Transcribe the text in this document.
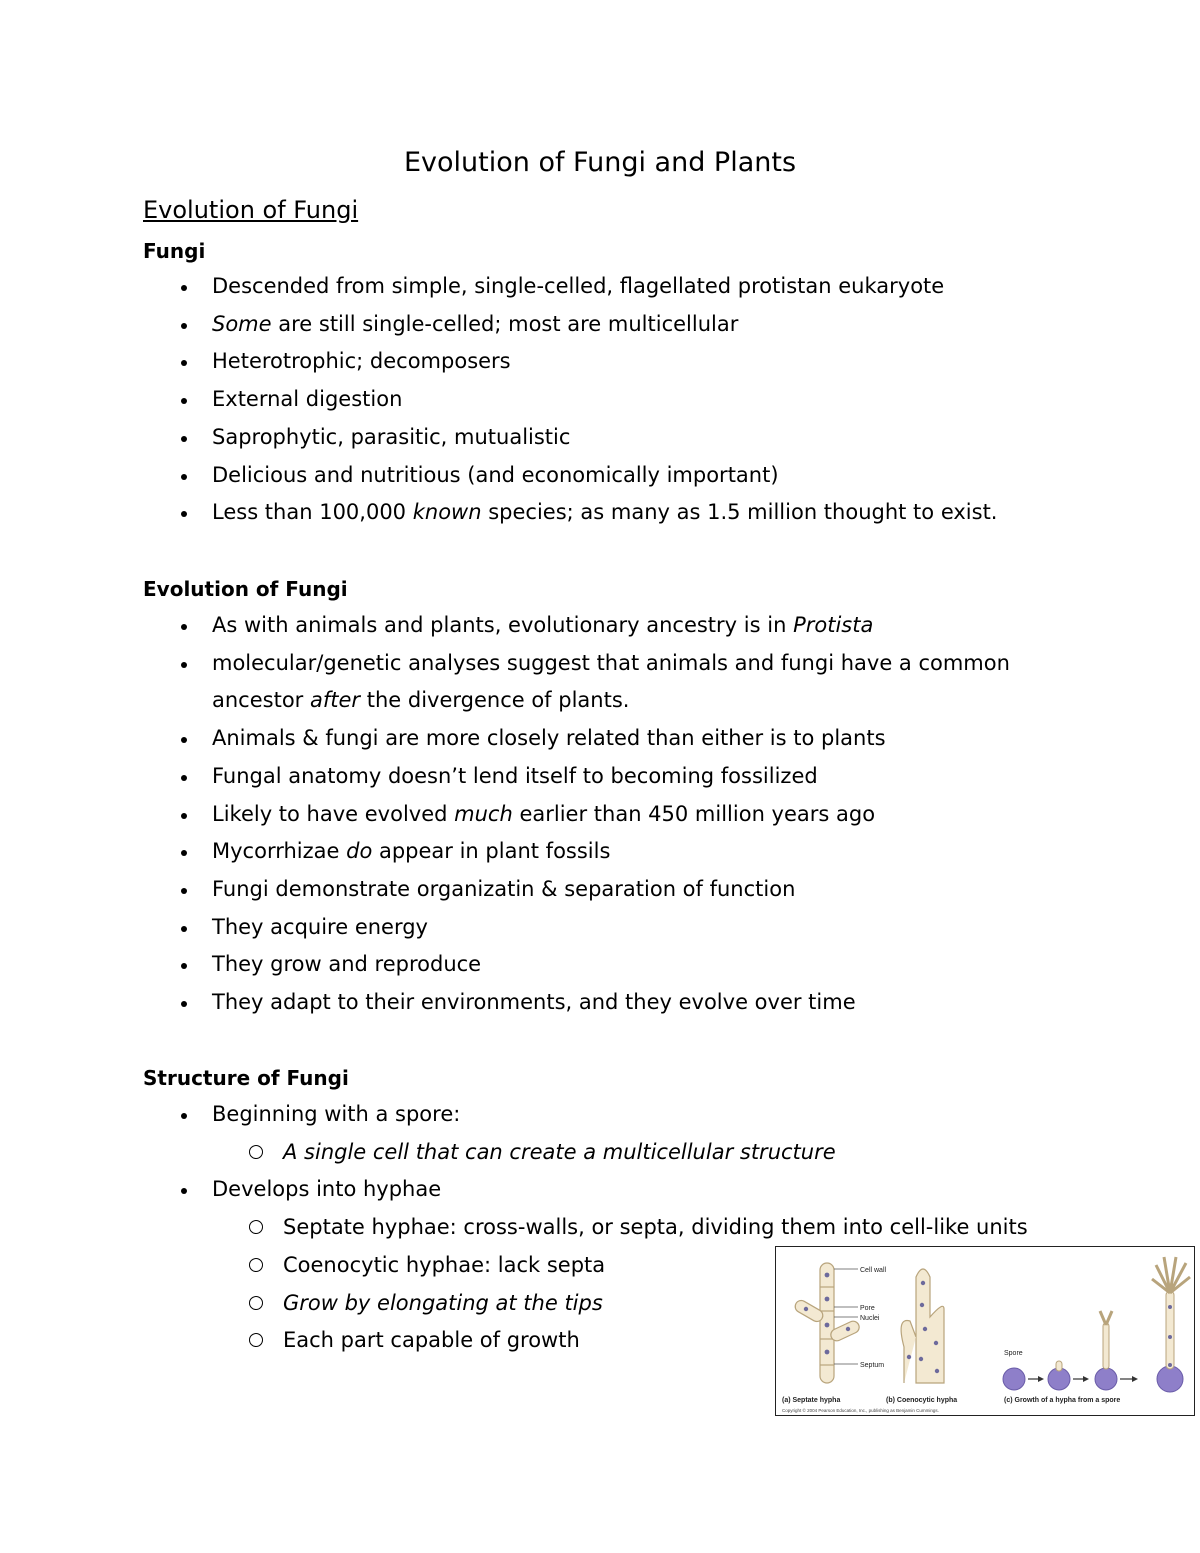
Evolution of Fungi and Plants
Evolution of Fungi
Fungi
Descended from simple, single-celled, flagellated protistan eukaryote
Some are still single-celled; most are multicellular
Heterotrophic; decomposers
External digestion
Saprophytic, parasitic, mutualistic
Delicious and nutritious (and economically important)
Less than 100,000 known species; as many as 1.5 million thought to exist.
Evolution of Fungi
As with animals and plants, evolutionary ancestry is in Protista
molecular/genetic analyses suggest that animals and fungi have a common
ancestor after the divergence of plants.
Animals & fungi are more closely related than either is to plants
Fungal anatomy doesn’t lend itself to becoming fossilized
Likely to have evolved much earlier than 450 million years ago
Mycorrhizae do appear in plant fossils
Fungi demonstrate organizatin & separation of function
They acquire energy
They grow and reproduce
They adapt to their environments, and they evolve over time
Structure of Fungi
Beginning with a spore:
A single cell that can create a multicellular structure
Develops into hyphae
Septate hyphae: cross-walls, or septa, dividing them into cell-like units
Coenocytic hyphae: lack septa
Grow by elongating at the tips
Each part capable of growth
Cell wall
Pore
Nuclei
Septum
Spore
(a) Septate hypha	(b) Coenocytic hypha	(c) Growth of a hypha from a spore
Copyright © 2004 Pearson Education, Inc., publishing as Benjamin Cummings.
